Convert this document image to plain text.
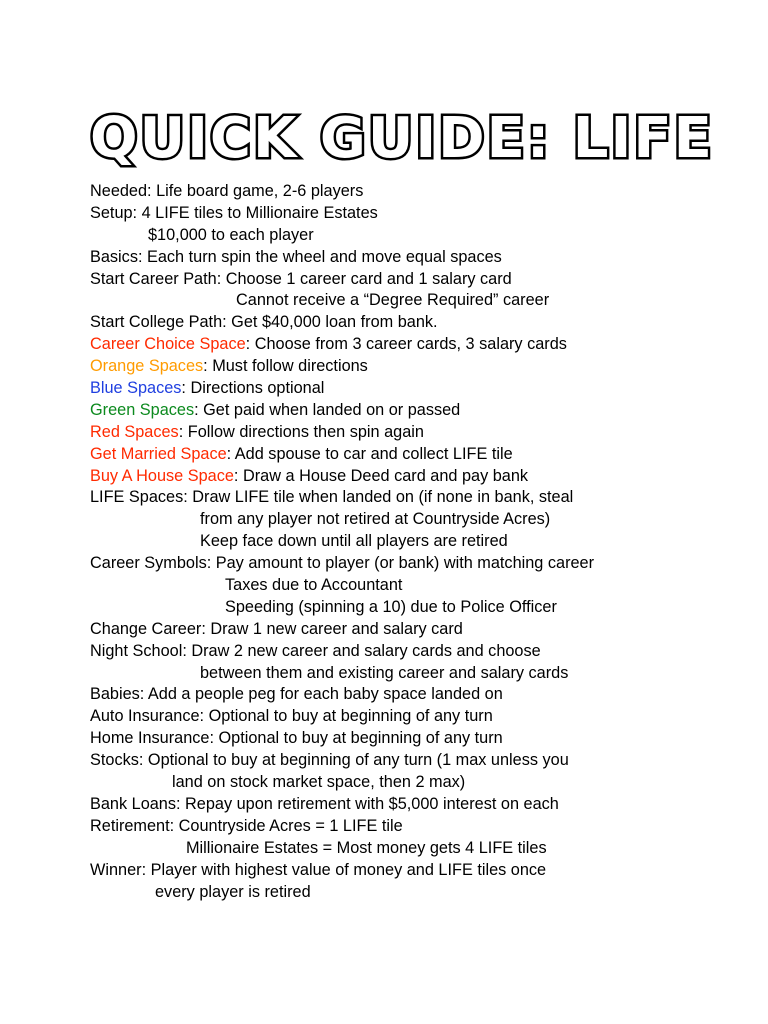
QUICK GUIDE: LIFE
Needed: Life board game, 2-6 players
Setup: 4 LIFE tiles to Millionaire Estates
$10,000 to each player
Basics: Each turn spin the wheel and move equal spaces
Start Career Path: Choose 1 career card and 1 salary card
Cannot receive a “Degree Required” career
Start College Path: Get $40,000 loan from bank.
Career Choice Space: Choose from 3 career cards, 3 salary cards
Orange Spaces: Must follow directions
Blue Spaces: Directions optional
Green Spaces: Get paid when landed on or passed
Red Spaces: Follow directions then spin again
Get Married Space: Add spouse to car and collect LIFE tile
Buy A House Space: Draw a House Deed card and pay bank
LIFE Spaces: Draw LIFE tile when landed on (if none in bank, steal
from any player not retired at Countryside Acres)
Keep face down until all players are retired
Career Symbols: Pay amount to player (or bank) with matching career
Taxes due to Accountant
Speeding (spinning a 10) due to Police Officer
Change Career: Draw 1 new career and salary card
Night School: Draw 2 new career and salary cards and choose
between them and existing career and salary cards
Babies: Add a people peg for each baby space landed on
Auto Insurance: Optional to buy at beginning of any turn
Home Insurance: Optional to buy at beginning of any turn
Stocks: Optional to buy at beginning of any turn (1 max unless you
land on stock market space, then 2 max)
Bank Loans: Repay upon retirement with $5,000 interest on each
Retirement: Countryside Acres = 1 LIFE tile
Millionaire Estates = Most money gets 4 LIFE tiles
Winner: Player with highest value of money and LIFE tiles once
every player is retired
